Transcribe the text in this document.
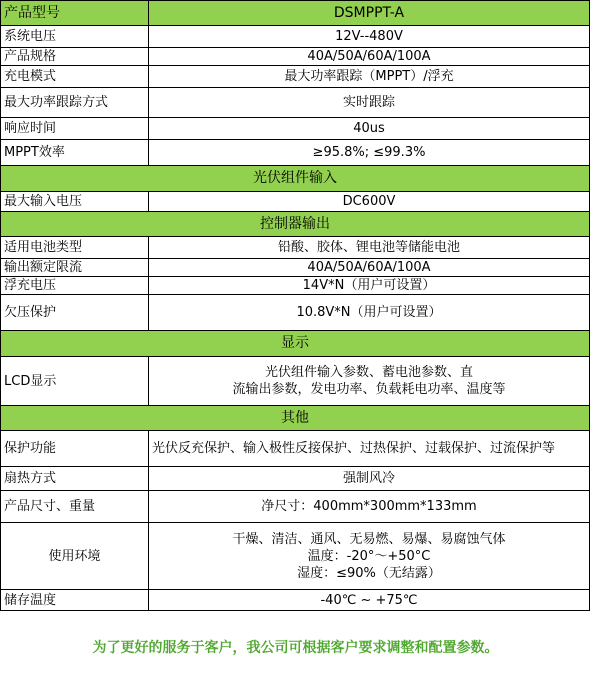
产品型号	DSMPPT-A
系统电压	12V--480V
产品规格	40A/50A/60A/100A
充电模式	最大功率跟踪（MPPT）/浮充
最大功率跟踪方式	实时跟踪
响应时间	40us
MPPT效率	≥95.8%; ≤99.3%
光伏组件输入	
最大输入电压	DC600V
控制器输出	
适用电池类型	铅酸、胶体、锂电池等储能电池
输出额定限流	40A/50A/60A/100A
浮充电压	14V*N（用户可设置）
欠压保护	10.8V*N（用户可设置）
显示	
LCD显示	光伏组件输入参数、蓄电池参数、直
流输出参数，发电功率、负载耗电功率、温度等

其他	
保护功能	光伏反充保护、输入极性反接保护、过热保护、过载保护、过流保护等
扇热方式	强制风冷
产品尺寸、重量	净尺寸：400mm*300mm*133mm
使用环境	干燥、清洁、通风、无易燃、易爆、易腐蚀气体
温度：-20°～+50°C
湿度：≤90%（无结露）

储存温度	-40℃ ~ +75℃
为了更好的服务于客户，我公司可根据客户要求调整和配置参数。
